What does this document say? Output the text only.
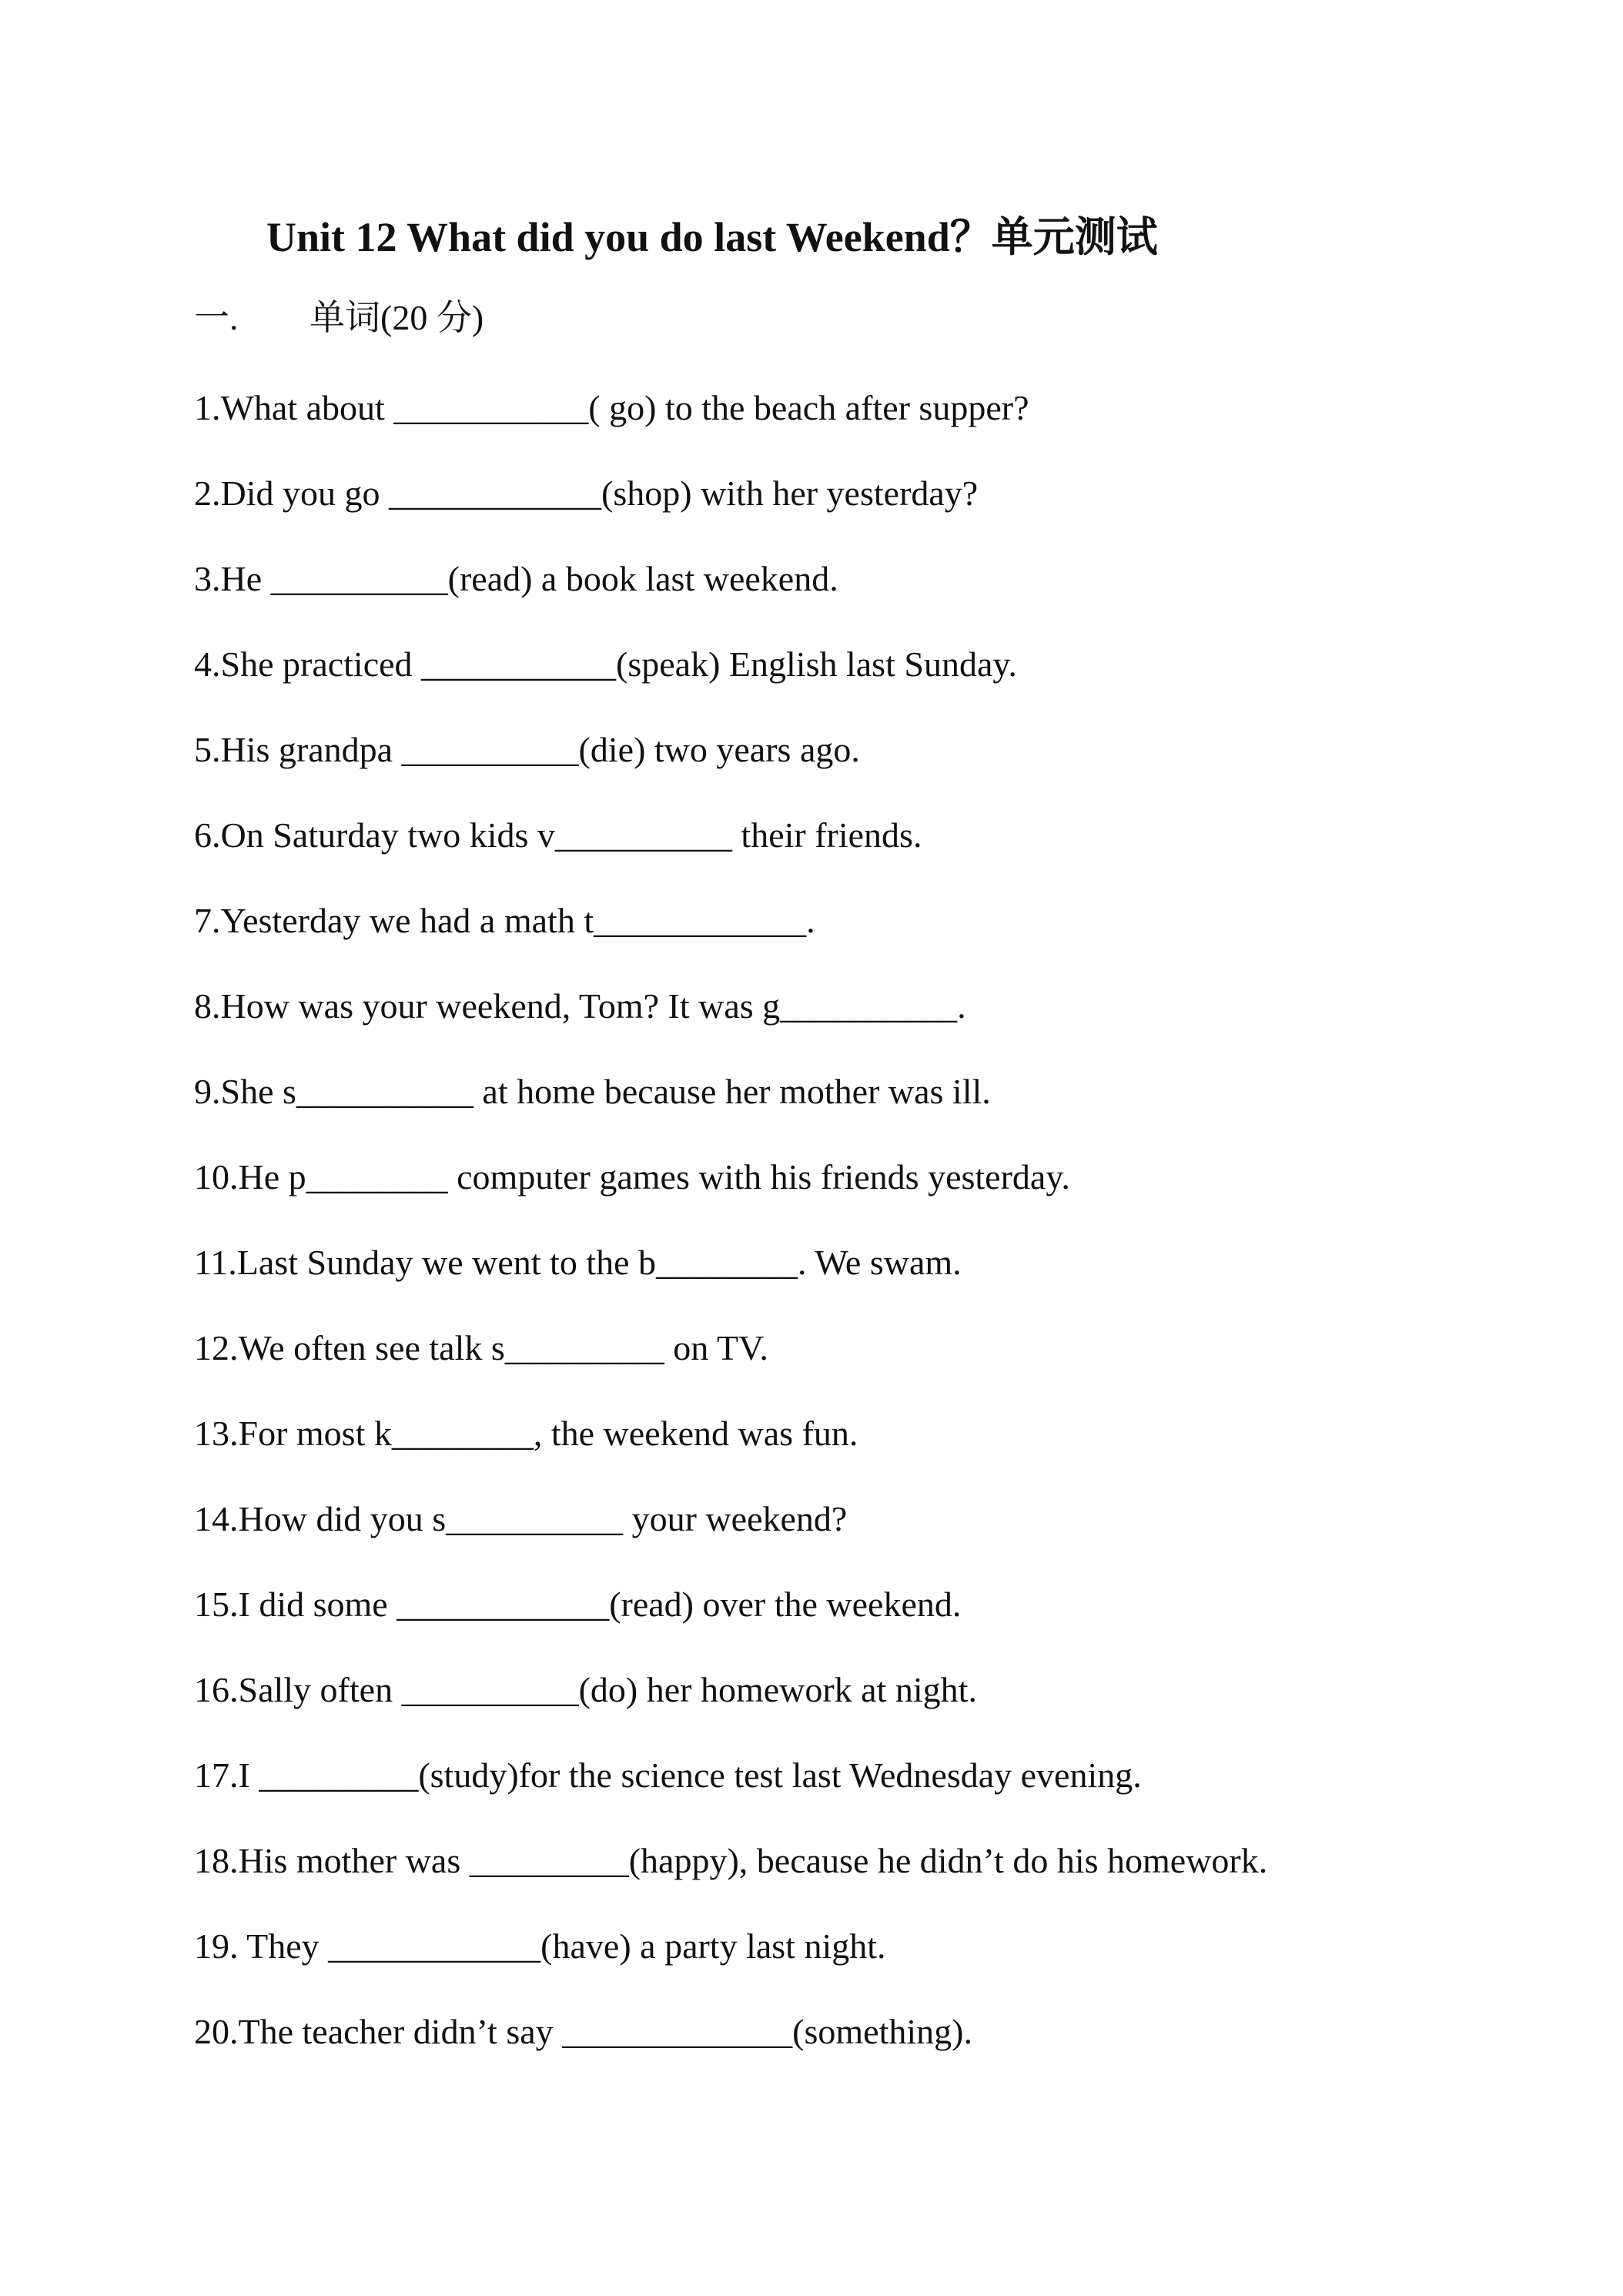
Unit 12 What did you do last Weekend？单元测试
一. 单词(20 分)
1.What about ___________( go) to the beach after supper?
2.Did you go ____________(shop) with her yesterday?
3.He __________(read) a book last weekend.
4.She practiced ___________(speak) English last Sunday.
5.His grandpa __________(die) two years ago.
6.On Saturday two kids v__________ their friends.
7.Yesterday we had a math t____________.
8.How was your weekend, Tom? It was g__________.
9.She s__________ at home because her mother was ill.
10.He p________ computer games with his friends yesterday.
11.Last Sunday we went to the b________. We swam.
12.We often see talk s_________ on TV.
13.For most k________, the weekend was fun.
14.How did you s__________ your weekend?
15.I did some ____________(read) over the weekend.
16.Sally often __________(do) her homework at night.
17.I _________(study)for the science test last Wednesday evening.
18.His mother was _________(happy), because he didn’t do his homework.
19. They ____________(have) a party last night.
20.The teacher didn’t say _____________(something).
